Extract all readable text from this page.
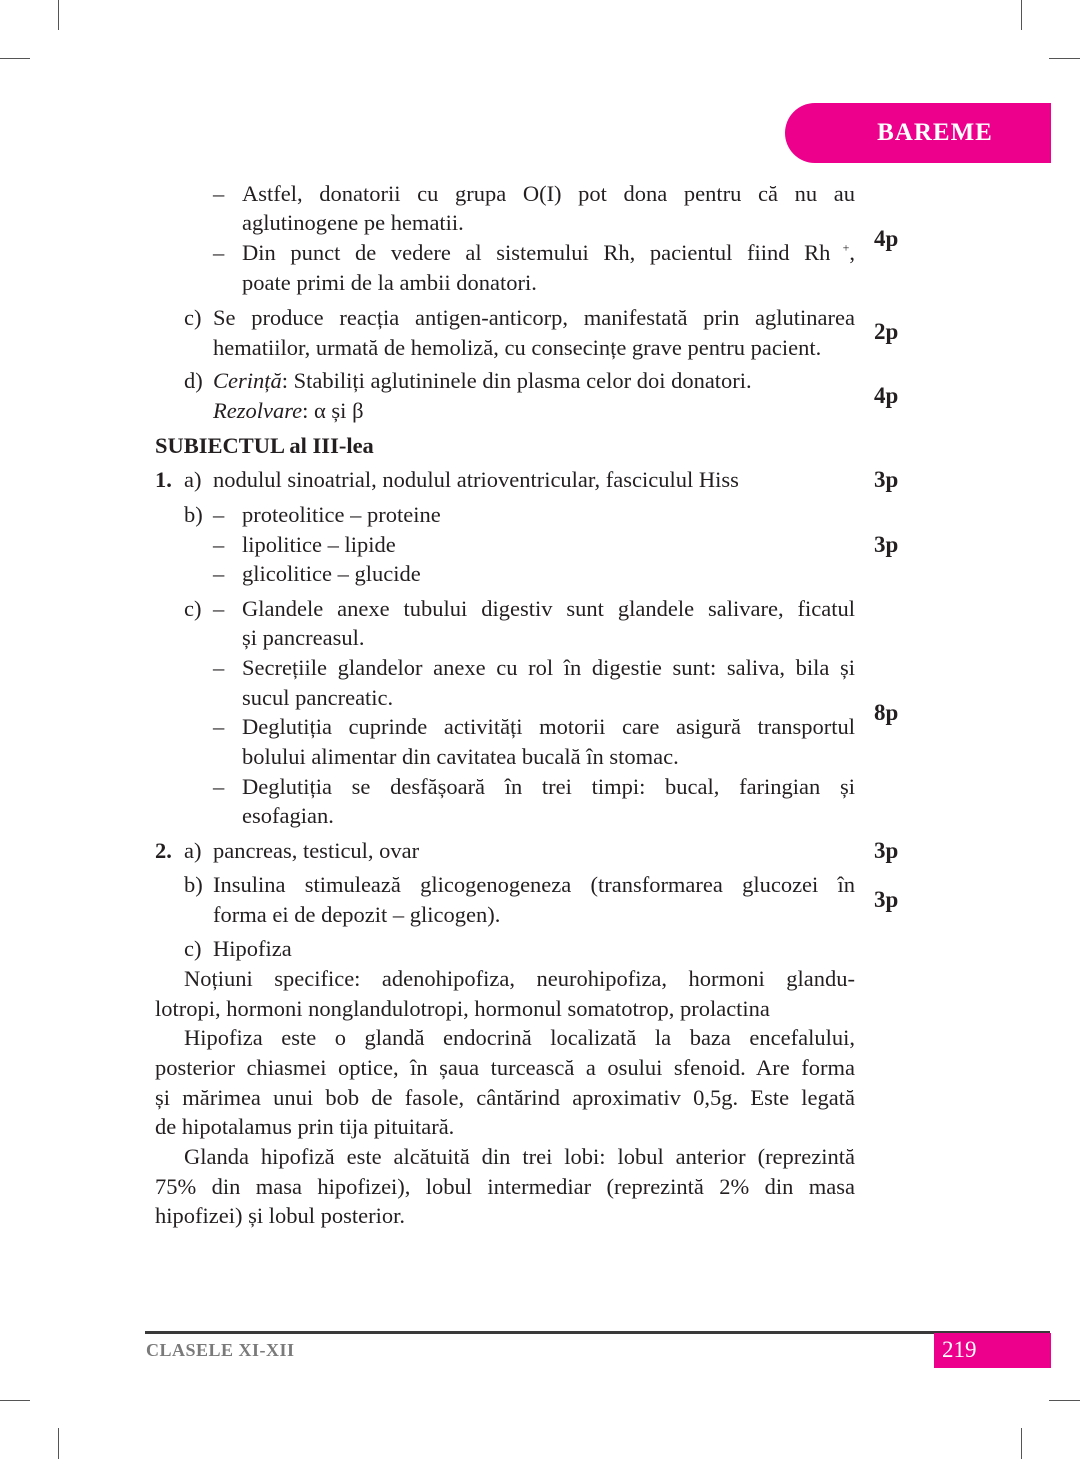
BAREME
– Astfel, donatorii cu grupa O(I) pot dona pentru că nu au
aglutinogene pe hematii.
– Din punct de vedere al sistemului Rh, pacientul fiind Rh +,
poate primi de la ambii donatori.
4p
c) Se produce reacția antigen-anticorp, manifestată prin aglutinarea
hematiilor, urmată de hemoliză, cu consecințe grave pentru pacient.
2p
d) Cerință: Stabiliți aglutininele din plasma celor doi donatori.
Rezolvare: α și β
4p
SUBIECTUL al III-lea
1. a) nodulul sinoatrial, nodulul atrioventricular, fasciculul Hiss	3p
b) – proteolitice – proteine
– lipolitice – lipide
– glicolitice – glucide
3p
c) – Glandele anexe tubului digestiv sunt glandele salivare, ficatul
și pancreasul.
– Secrețiile glandelor anexe cu rol în digestie sunt: saliva, bila și
sucul pancreatic.
– Deglutiția cuprinde activități motorii care asigură transportul
bolului alimentar din cavitatea bucală în stomac.
– Deglutiția se desfășoară în trei timpi: bucal, faringian și
esofagian.
8p
2. a) pancreas, testicul, ovar	3p
b) Insulina stimulează glicogenogeneza (transformarea glucozei în
forma ei de depozit – glicogen).
3p
c) Hipofiza
Noțiuni specifice: adenohipofiza, neurohipofiza, hormoni glandu-
lotropi, hormoni nonglandulotropi, hormonul somatotrop, prolactina
Hipofiza este o glandă endocrină localizată la baza encefalului,
posterior chiasmei optice, în șaua turcească a osului sfenoid. Are forma
și mărimea unui bob de fasole, cântărind aproximativ 0,5g. Este legată
de hipotalamus prin tija pituitară.
Glanda hipofiză este alcătuită din trei lobi: lobul anterior (reprezintă
75% din masa hipofizei), lobul intermediar (reprezintă 2% din masa
hipofizei) și lobul posterior.
CLASELE XI-XII	219
